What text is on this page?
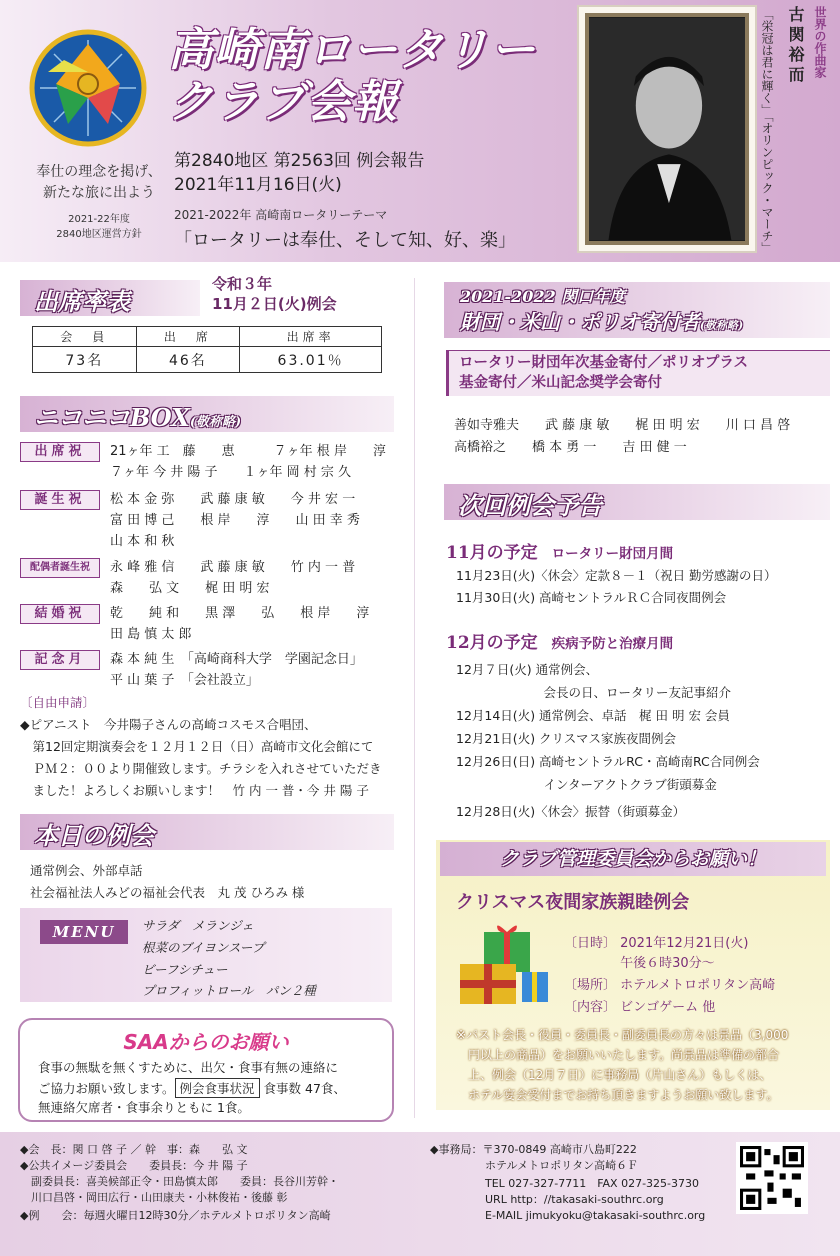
奉仕の理念を掲げ、
新たな旅に出よう
2021-22年度
2840地区運営方針
高崎南ロータリー
クラブ会報
第2840地区 第2563回 例会報告
2021年11月16日(火)
2021-2022年 高崎南ロータリーテーマ
「ロータリーは奉仕、そして知、好、楽」
世界の作曲家
古関裕而
「栄冠は君に輝く」「オリンピック・マーチ」
出席率表
令和３年
11月２日(火)例会
会　員	出　席	出席率
73名	46名	63.01％
ニコニコBOX(敬称略)
出席祝	21ヶ年 工　藤　　恵　　　７ヶ年 根 岸　　淳
７ヶ年 今 井 陽 子　　１ヶ年 岡 村 宗 久
誕生祝	松 本 金 弥　　武 藤 康 敏　　今 井 宏 一
富 田 博 己　　根 岸　　淳　　山 田 幸 秀
山 本 和 秋
配偶者誕生祝	永 峰 雅 信　　武 藤 康 敏　　竹 内 一 普
森　　弘 文　　梶 田 明 宏
結婚祝	乾　　純 和　　黒 澤　　弘　　根 岸　　淳
田 島 慎 太 郎
記念月	森 本 純 生　「高崎商科大学　学園記念日」
平 山 葉 子　「会社設立」
〔自由申請〕
◆ピアニスト　今井陽子さんの高崎コスモス合唱団、
　第12回定期演奏会を１２月１２日（日）高崎市文化会館にて
　ＰＭ２：００より開催致します。チラシを入れさせていただき
　ました！よろしくお願いします！　竹 内 一 普・今 井 陽 子
本日の例会
通常例会、外部卓話
社会福祉法人みどの福祉会代表　丸 茂 ひろみ 様
MENU	サラダ　メランジェ
根菜のブイヨンスープ
ビーフシチュー
プロフィットロール　パン２種
SAAからのお願い
食事の無駄を無くすために、出欠・食事有無の連絡に
ご協力お願い致します。 例会食事状況 食事数 47食、
無連絡欠席者・食事余りともに 1食。
2021-2022 関口年度
財団・米山・ポリオ寄付者(敬称略)
ロータリー財団年次基金寄付／ポリオプラス
基金寄付／米山記念奨学会寄付
善如寺雅夫　　武 藤 康 敏　　梶 田 明 宏　　川 口 昌 啓
高橋裕之　　橋 本 勇 一　　吉 田 健 一
次回例会予告
11月の予定 ロータリー財団月間
11月23日(火)〈休会〉定款８－１（祝日 勤労感謝の日）
11月30日(火) 高崎セントラルＲＣ合同夜間例会
12月の予定 疾病予防と治療月間
12月７日(火) 通常例会、
　　　　　　　会長の日、ロータリー友記事紹介
12月14日(火) 通常例会、卓話　梶 田 明 宏 会員
12月21日(火) クリスマス家族夜間例会
12月26日(日) 高崎セントラルRC・高崎南RC合同例会
　　　　　　　インターアクトクラブ街頭募金
12月28日(火)〈休会〉振替（街頭募金）
クラブ管理委員会からお願い！
クリスマス夜間家族親睦例会
〔日時〕 2021年12月21日(火)
　　　　 午後６時30分～
〔場所〕 ホテルメトロポリタン高崎
〔内容〕 ビンゴゲーム 他
※パスト会長・役員・委員長・副委員長の方々は景品（3,000
　円以上の商品）をお願いいたします。尚景品は準備の都合
　上、例会（12月７日）に事務局（片山さん）もしくは、
　ホテル宴会受付までお持ち頂きますようお願い致します。
◆会　長：関 口 啓 子 ／ 幹　事：森　　弘 文
◆公共イメージ委員会　　委員長：今 井 陽 子
　副委員長：喜美候部正令・田島慎太郎　　委員：長谷川芳幹・
　川口昌啓・岡田広行・山田康夫・小林俊祐・後藤 彰
◆例　　会：毎週火曜日12時30分／ホテルメトロポリタン高崎
◆事務局：〒370-0849 高崎市八島町222
　　　　　ホテルメトロポリタン高崎６Ｆ
　　　　　TEL 027-327-7711　FAX 027-325-3730
　　　　　URL http：//takasaki-southrc.org
　　　　　E-MAIL jimukyoku@takasaki-southrc.org
